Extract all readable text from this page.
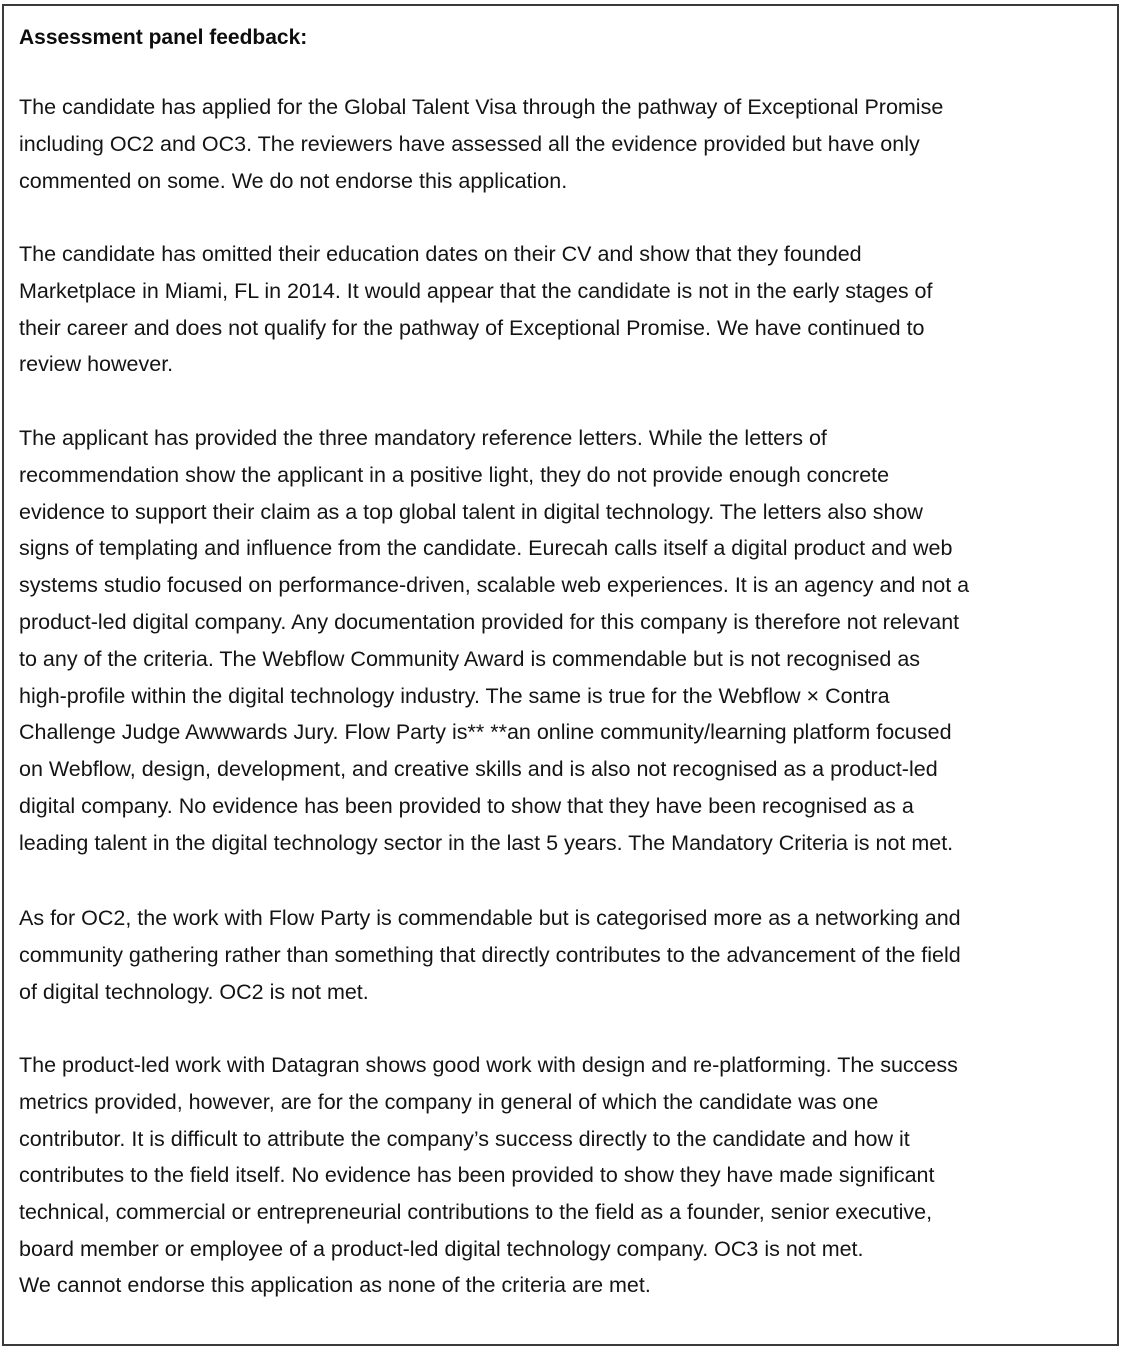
Assessment panel feedback:
The candidate has applied for the Global Talent Visa through the pathway of Exceptional Promise
including OC2 and OC3. The reviewers have assessed all the evidence provided but have only
commented on some. We do not endorse this application.
The candidate has omitted their education dates on their CV and show that they founded
Marketplace in Miami, FL in 2014. It would appear that the candidate is not in the early stages of
their career and does not qualify for the pathway of Exceptional Promise. We have continued to
review however.
The applicant has provided the three mandatory reference letters. While the letters of
recommendation show the applicant in a positive light, they do not provide enough concrete
evidence to support their claim as a top global talent in digital technology. The letters also show
signs of templating and influence from the candidate. Eurecah calls itself a digital product and web
systems studio focused on performance-driven, scalable web experiences. It is an agency and not a
product-led digital company. Any documentation provided for this company is therefore not relevant
to any of the criteria. The Webflow Community Award is commendable but is not recognised as
high-profile within the digital technology industry. The same is true for the Webflow × Contra
Challenge Judge Awwwards Jury. Flow Party is** **an online community/learning platform focused
on Webflow, design, development, and creative skills and is also not recognised as a product-led
digital company. No evidence has been provided to show that they have been recognised as a
leading talent in the digital technology sector in the last 5 years. The Mandatory Criteria is not met.
As for OC2, the work with Flow Party is commendable but is categorised more as a networking and
community gathering rather than something that directly contributes to the advancement of the field
of digital technology. OC2 is not met.
The product-led work with Datagran shows good work with design and re-platforming. The success
metrics provided, however, are for the company in general of which the candidate was one
contributor. It is difficult to attribute the company’s success directly to the candidate and how it
contributes to the field itself. No evidence has been provided to show they have made significant
technical, commercial or entrepreneurial contributions to the field as a founder, senior executive,
board member or employee of a product-led digital technology company. OC3 is not met.
We cannot endorse this application as none of the criteria are met.
